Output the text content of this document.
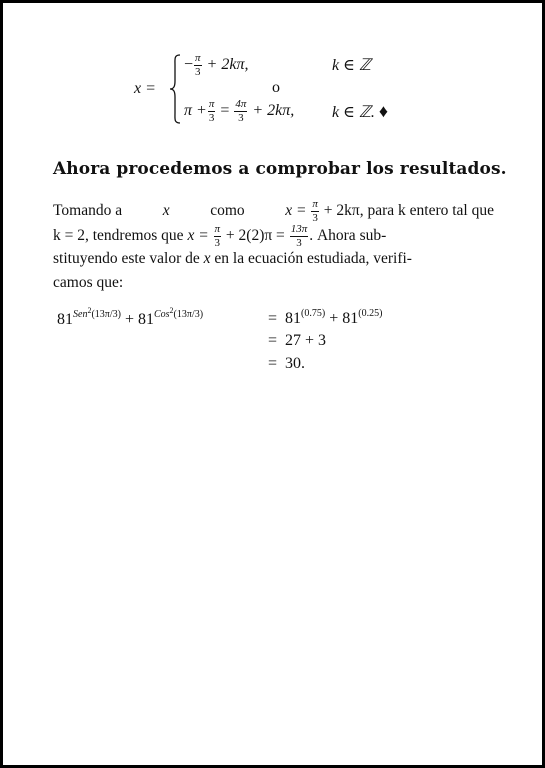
x =
− $\frac{\pi}{3} + 2k\pi$,	k ∈ ℤ
o
$\pi + \frac{\pi}{3} = \frac{4\pi}{3} + 2k\pi$, k ∈ ℤ. ♦
Ahora procedemos a comprobar los resultados.
Tomando a	x	como	$x = \frac{\pi}{3} + 2k\pi$, para k entero tal que
k = 2, tendremos que $x = \frac{\pi}{3} + 2(2)\pi = \frac{13\pi}{3}$ . Ahora sub-
stituyendo este valor de x en la ecuación estudiada, verifi-
camos que:
$81^{Sen^2(13\pi/3)} + 81^{Cos^2(13\pi/3)}$	= $81^{(0.75)} + 81^{(0.25)}$
= 27 + 3
= 30.
